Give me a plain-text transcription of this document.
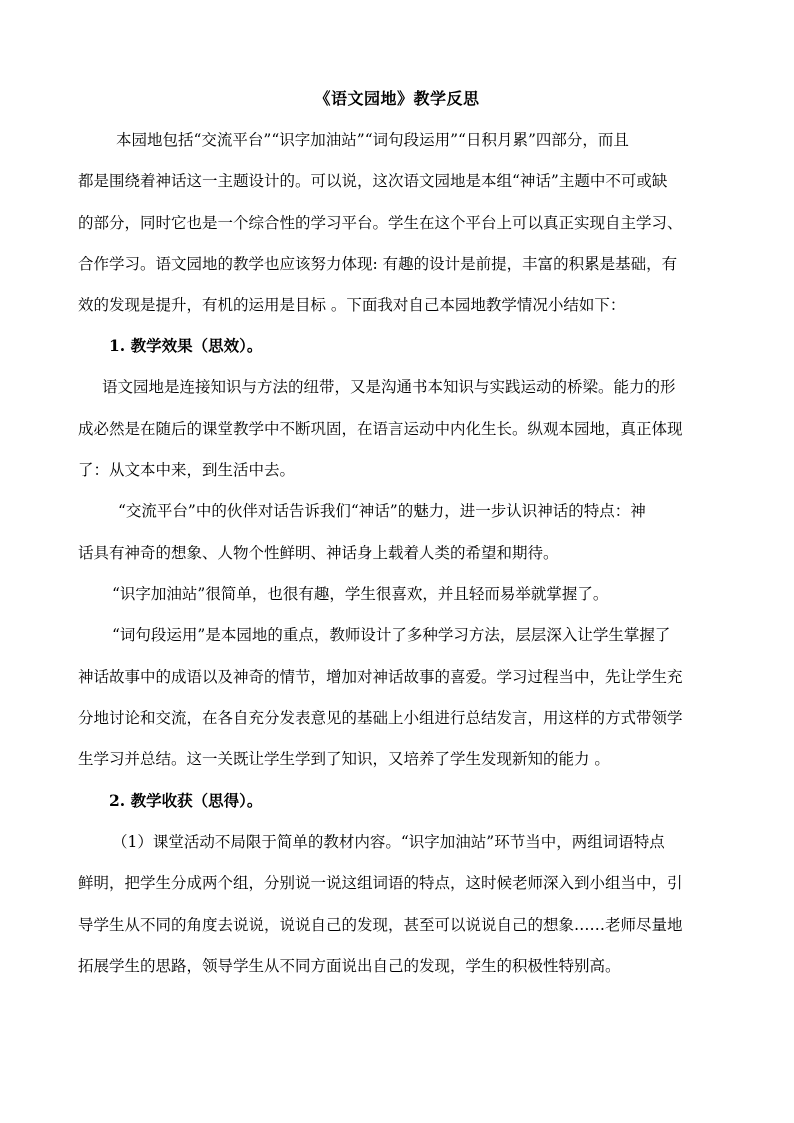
《语文园地》教学反思
本园地包括“交流平台”“识字加油站”“词句段运用”“日积月累”四部分，而且
都是围绕着神话这一主题设计的。可以说，这次语文园地是本组“神话”主题中不可或缺
的部分，同时它也是一个综合性的学习平台。学生在这个平台上可以真正实现自主学习、
合作学习。语文园地的教学也应该努力体现: 有趣的设计是前提，丰富的积累是基础，有
效的发现是提升，有机的运用是目标 。下面我对自己本园地教学情况小结如下：
1. 教学效果（思效）。
语文园地是连接知识与方法的纽带，又是沟通书本知识与实践运动的桥梁。能力的形
成必然是在随后的课堂教学中不断巩固，在语言运动中内化生长。纵观本园地，真正体现
了：从文本中来，到生活中去。
“交流平台”中的伙伴对话告诉我们“神话”的魅力，进一步认识神话的特点：神
话具有神奇的想象、人物个性鲜明、神话身上载着人类的希望和期待。
“识字加油站”很简单，也很有趣，学生很喜欢，并且轻而易举就掌握了。
“词句段运用”是本园地的重点，教师设计了多种学习方法，层层深入让学生掌握了
神话故事中的成语以及神奇的情节，增加对神话故事的喜爱。学习过程当中，先让学生充
分地讨论和交流，在各自充分发表意见的基础上小组进行总结发言，用这样的方式带领学
生学习并总结。这一关既让学生学到了知识，又培养了学生发现新知的能力 。
2. 教学收获（思得）。
（1）课堂活动不局限于简单的教材内容。“识字加油站”环节当中，两组词语特点
鲜明，把学生分成两个组，分别说一说这组词语的特点，这时候老师深入到小组当中，引
导学生从不同的角度去说说，说说自己的发现，甚至可以说说自己的想象……老师尽量地
拓展学生的思路，领导学生从不同方面说出自己的发现，学生的积极性特别高。
